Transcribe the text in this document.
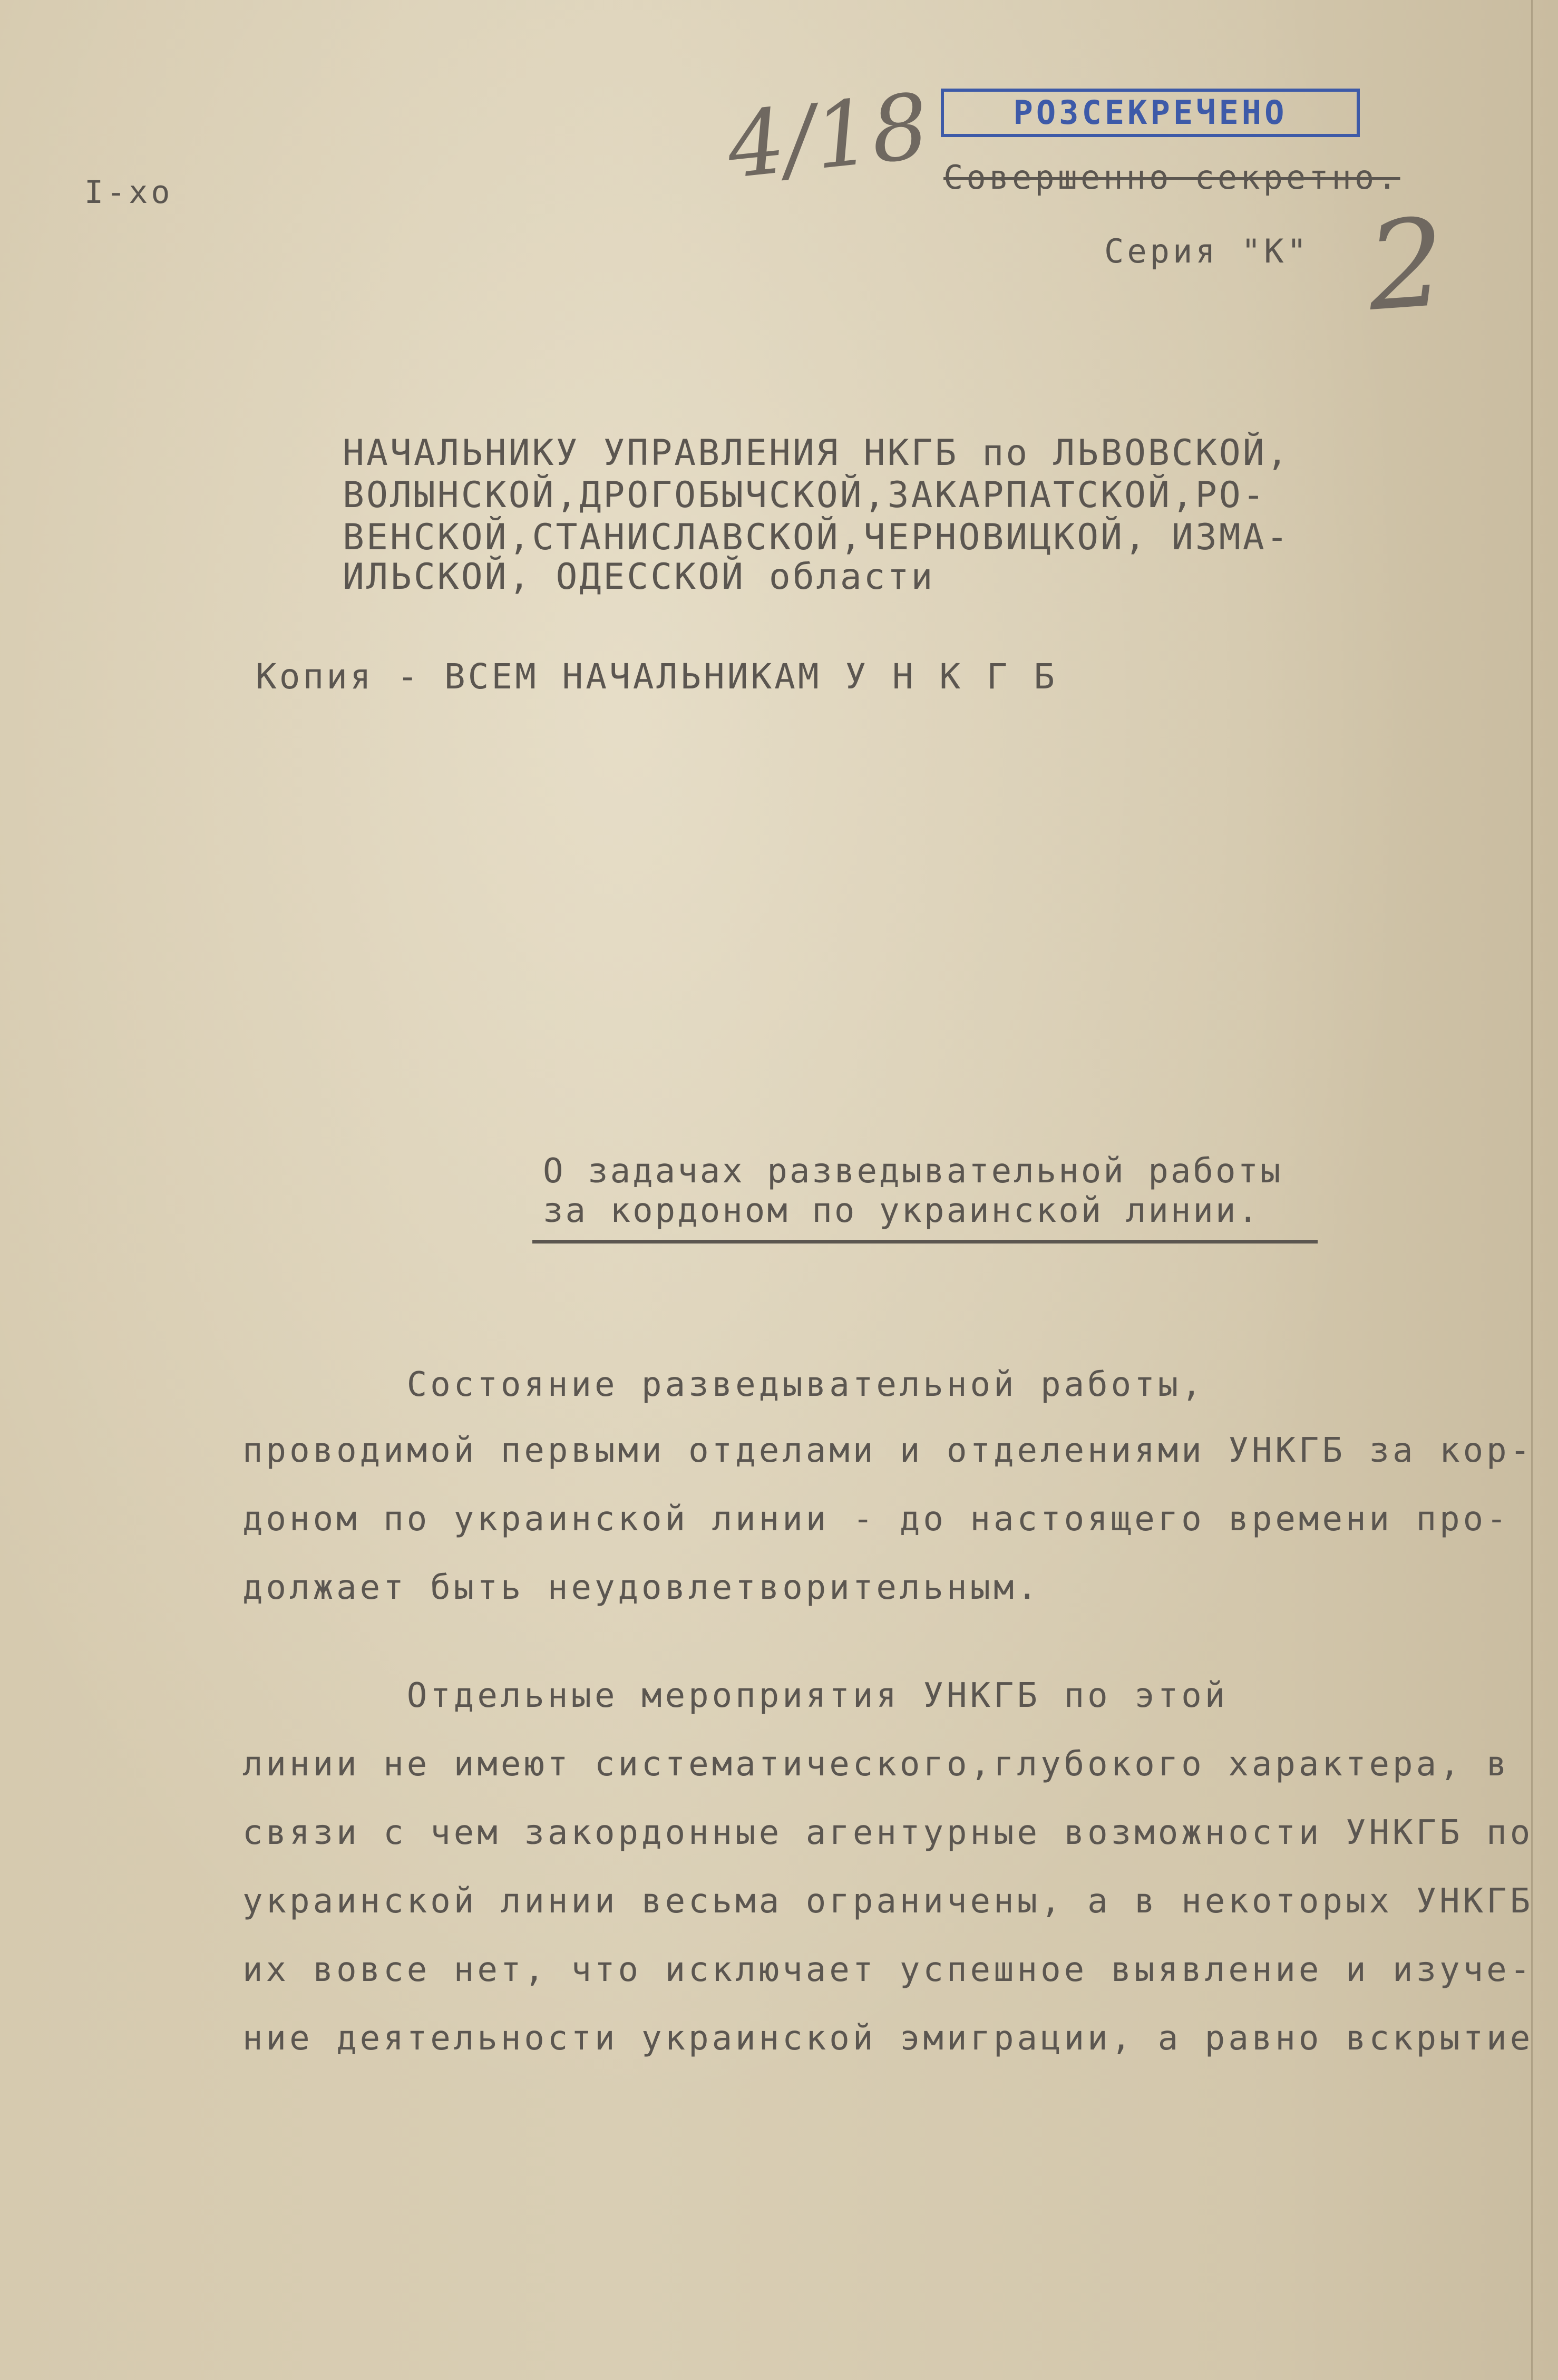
I-хо	4/18	РОЗСЕКРЕЧЕНО
Совершенно секретно.
Серия "К" 2
НАЧАЛЬНИКУ УПРАВЛЕНИЯ НКГБ по ЛЬВОВСКОЙ,
ВОЛЫНСКОЙ,ДРОГОБЫЧСКОЙ,ЗАКАРПАТСКОЙ,РО-
ВЕНСКОЙ,СТАНИСЛАВСКОЙ,ЧЕРНОВИЦКОЙ, ИЗМА-
ИЛЬСКОЙ, ОДЕССКОЙ области
Копия - ВСЕМ НАЧАЛЬНИКАМ У Н К Г Б
О задачах разведывательной работы
за кордоном по украинской линии.
Состояние разведывательной работы,
проводимой первыми отделами и отделениями УНКГБ за кор-
доном по украинской линии - до настоящего времени про-
должает быть неудовлетворительным.
Отдельные мероприятия УНКГБ по этой
линии не имеют систематического,глубокого характера, в
связи с чем закордонные агентурные возможности УНКГБ по
украинской линии весьма ограничены, а в некоторых УНКГБ
их вовсе нет, что исключает успешное выявление и изуче-
ние деятельности украинской эмиграции, а равно вскрытие
